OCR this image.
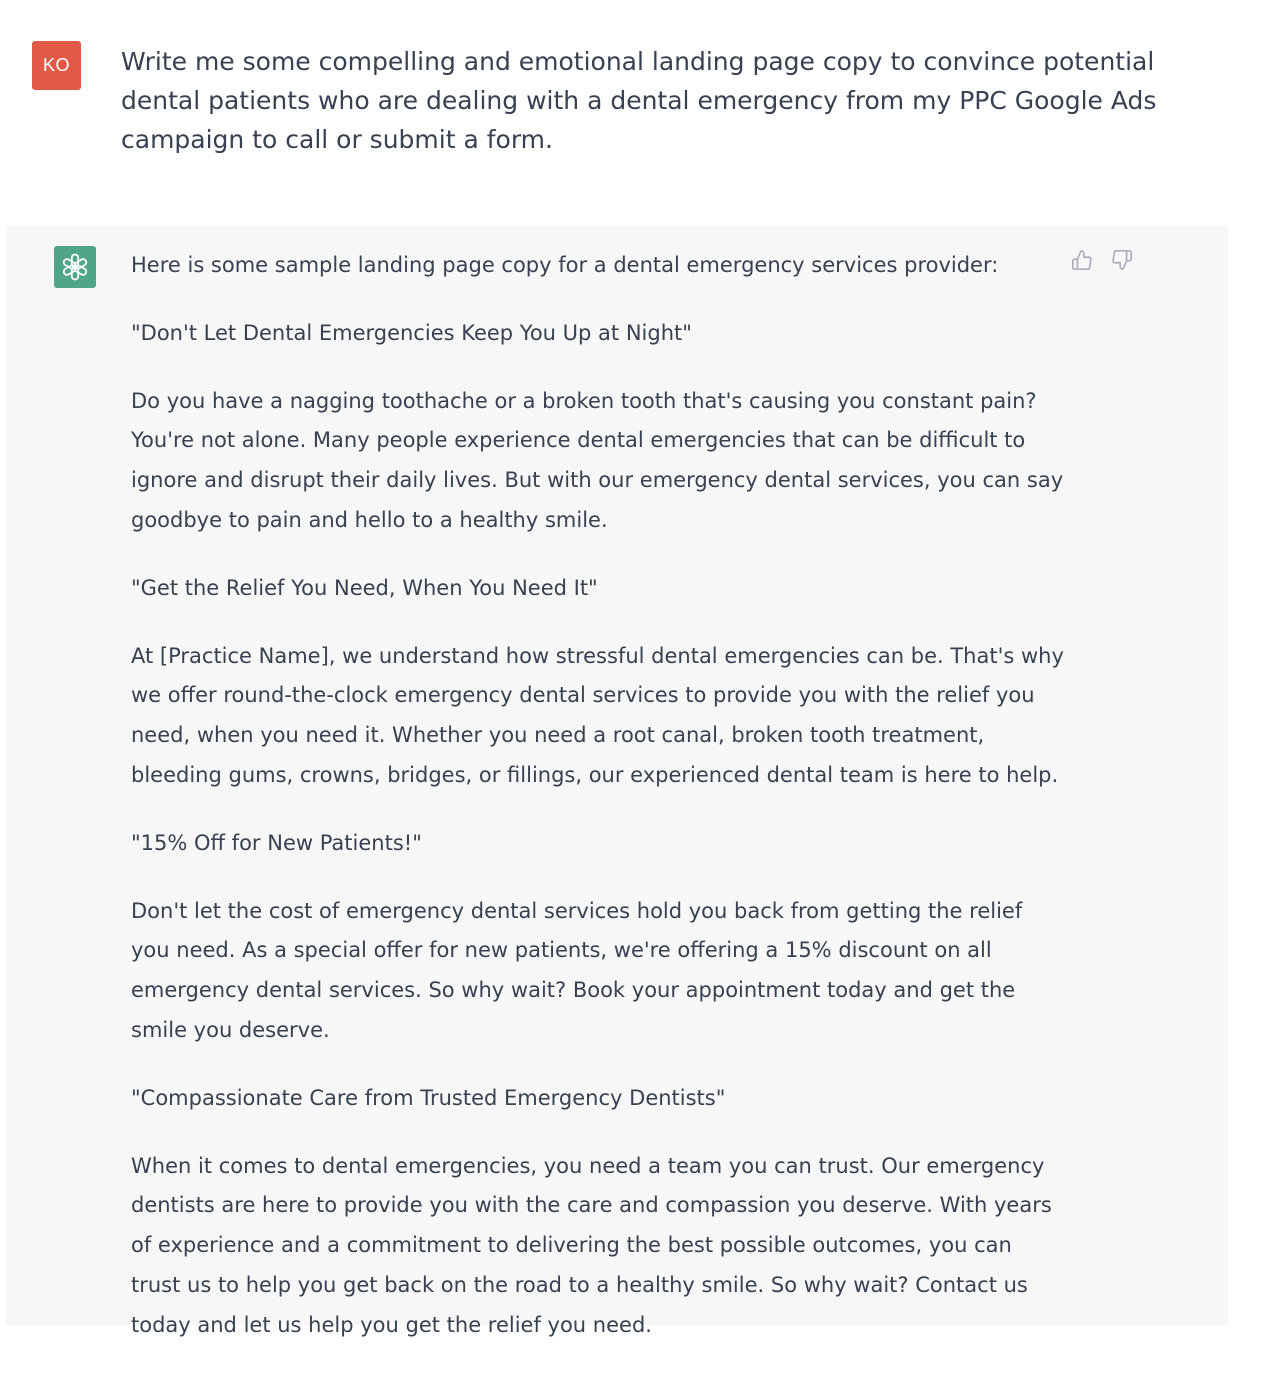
KO	Write me some compelling and emotional landing page copy to convince potential dental patients who are dealing with a dental emergency from my PPC Google Ads campaign to call or submit a form.

Here is some sample landing page copy for a dental emergency services provider:

"Don't Let Dental Emergencies Keep You Up at Night"

Do you have a nagging toothache or a broken tooth that's causing you constant pain? You're not alone. Many people experience dental emergencies that can be difficult to ignore and disrupt their daily lives. But with our emergency dental services, you can say goodbye to pain and hello to a healthy smile.

"Get the Relief You Need, When You Need It"

At [Practice Name], we understand how stressful dental emergencies can be. That's why we offer round-the-clock emergency dental services to provide you with the relief you need, when you need it. Whether you need a root canal, broken tooth treatment, bleeding gums, crowns, bridges, or fillings, our experienced dental team is here to help.

"15% Off for New Patients!"

Don't let the cost of emergency dental services hold you back from getting the relief you need. As a special offer for new patients, we're offering a 15% discount on all emergency dental services. So why wait? Book your appointment today and get the smile you deserve.

"Compassionate Care from Trusted Emergency Dentists"

When it comes to dental emergencies, you need a team you can trust. Our emergency dentists are here to provide you with the care and compassion you deserve. With years of experience and a commitment to delivering the best possible outcomes, you can trust us to help you get back on the road to a healthy smile. So why wait? Contact us today and let us help you get the relief you need.
